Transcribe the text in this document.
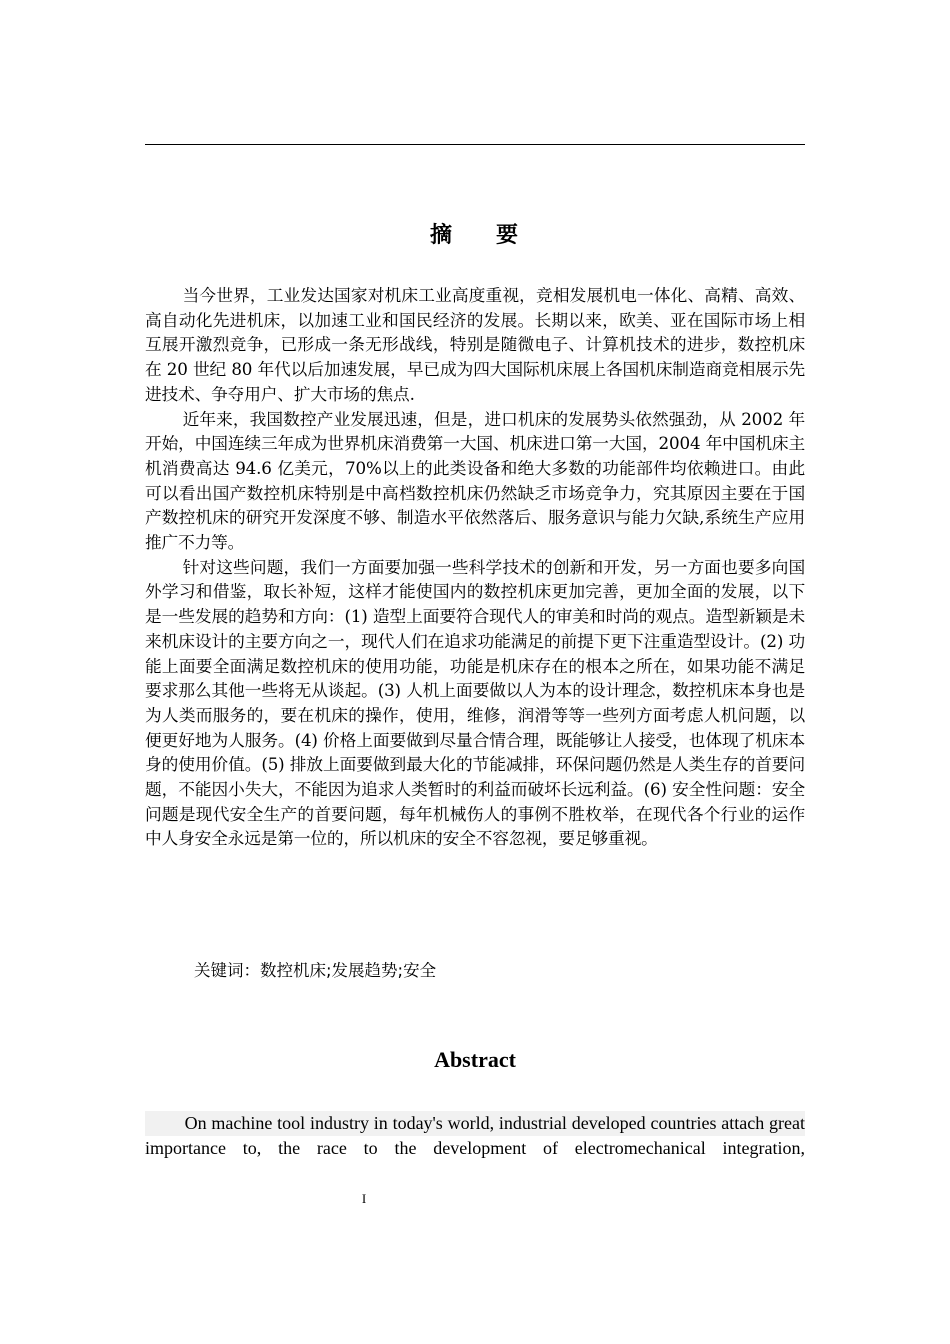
摘 要

当今世界，工业发达国家对机床工业高度重视，竞相发展机电一体化、高精、高效、高自动化先进机床，以加速工业和国民经济的发展。长期以来，欧美、亚在国际市场上相互展开激烈竞争，已形成一条无形战线，特别是随微电子、计算机技术的进步，数控机床在 20 世纪 80 年代以后加速发展，早已成为四大国际机床展上各国机床制造商竞相展示先进技术、争夺用户、扩大市场的焦点.

近年来，我国数控产业发展迅速，但是，进口机床的发展势头依然强劲，从 2002 年开始，中国连续三年成为世界机床消费第一大国、机床进口第一大国，2004 年中国机床主机消费高达 94.6 亿美元，70%以上的此类设备和绝大多数的功能部件均依赖进口。由此可以看出国产数控机床特别是中高档数控机床仍然缺乏市场竞争力，究其原因主要在于国产数控机床的研究开发深度不够、制造水平依然落后、服务意识与能力欠缺,系统生产应用推广不力等。

针对这些问题，我们一方面要加强一些科学技术的创新和开发，另一方面也要多向国外学习和借鉴，取长补短，这样才能使国内的数控机床更加完善，更加全面的发展，以下是一些发展的趋势和方向：(1) 造型上面要符合现代人的审美和时尚的观点。造型新颖是未来机床设计的主要方向之一，现代人们在追求功能满足的前提下更下注重造型设计。(2) 功能上面要全面满足数控机床的使用功能，功能是机床存在的根本之所在，如果功能不满足要求那么其他一些将无从谈起。(3) 人机上面要做以人为本的设计理念，数控机床本身也是为人类而服务的，要在机床的操作，使用，维修，润滑等等一些列方面考虑人机问题，以便更好地为人服务。(4) 价格上面要做到尽量合情合理，既能够让人接受，也体现了机床本身的使用价值。(5) 排放上面要做到最大化的节能减排，环保问题仍然是人类生存的首要问题，不能因小失大，不能因为追求人类暂时的利益而破坏长远利益。(6) 安全性问题：安全问题是现代安全生产的首要问题，每年机械伤人的事例不胜枚举，在现代各个行业的运作中人身安全永远是第一位的，所以机床的安全不容忽视，要足够重视。

关键词：数控机床;发展趋势;安全
Abstract
On machine tool industry in today's world, industrial developed countries attach great importance to, the race to the development of electromechanical integration,
I
